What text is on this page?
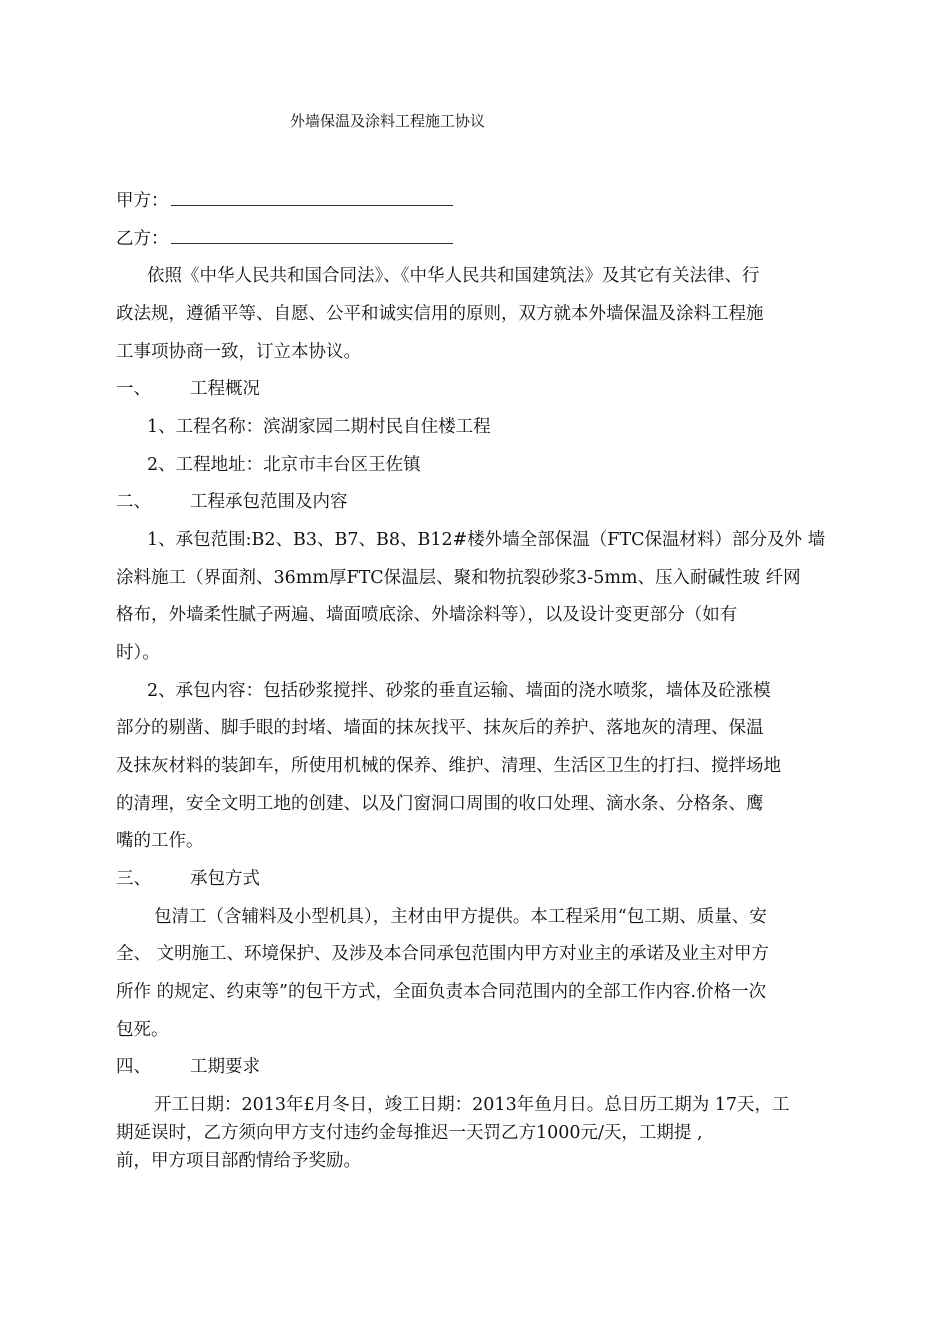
外墙保温及涂料工程施工协议
甲方：
乙方：
依照《中华人民共和国合同法》、《中华人民共和国建筑法》及其它有关法律、行
政法规，遵循平等、自愿、公平和诚实信用的原则，双方就本外墙保温及涂料工程施
工事项协商一致，订立本协议。
一、 工程概况
1、工程名称：滨湖家园二期村民自住楼工程
2、工程地址：北京市丰台区王佐镇
二、 工程承包范围及内容
1、承包范围:B2、B3、B7、B8、B12#楼外墙全部保温（FTC保温材料）部分及外 墙
涂料施工（界面剂、36mm厚FTC保温层、聚和物抗裂砂浆3-5mm、压入耐碱性玻 纤网
格布，外墙柔性腻子两遍、墙面喷底涂、外墙涂料等），以及设计变更部分（如有
时）。
2、承包内容：包括砂浆搅拌、砂浆的垂直运输、墙面的浇水喷浆，墙体及砼涨模
部分的剔凿、脚手眼的封堵、墙面的抹灰找平、抹灰后的养护、落地灰的清理、保温
及抹灰材料的装卸车，所使用机械的保养、维护、清理、生活区卫生的打扫、搅拌场地
的清理，安全文明工地的创建、以及门窗洞口周围的收口处理、滴水条、分格条、鹰
嘴的工作。
三、 承包方式
包清工（含辅料及小型机具），主材由甲方提供。本工程采用“包工期、质量、安
全、 文明施工、环境保护、及涉及本合同承包范围内甲方对业主的承诺及业主对甲方
所作 的规定、约束等”的包干方式，全面负责本合同范围内的全部工作内容.价格一次
包死。
四、 工期要求
开工日期：2013年£月冬日，竣工日期：2013年鱼月日。总日历工期为 17天，工
期延误时，乙方须向甲方支付违约金每推迟一天罚乙方1000元/天，工期提 ,
前，甲方项目部酌情给予奖励。
